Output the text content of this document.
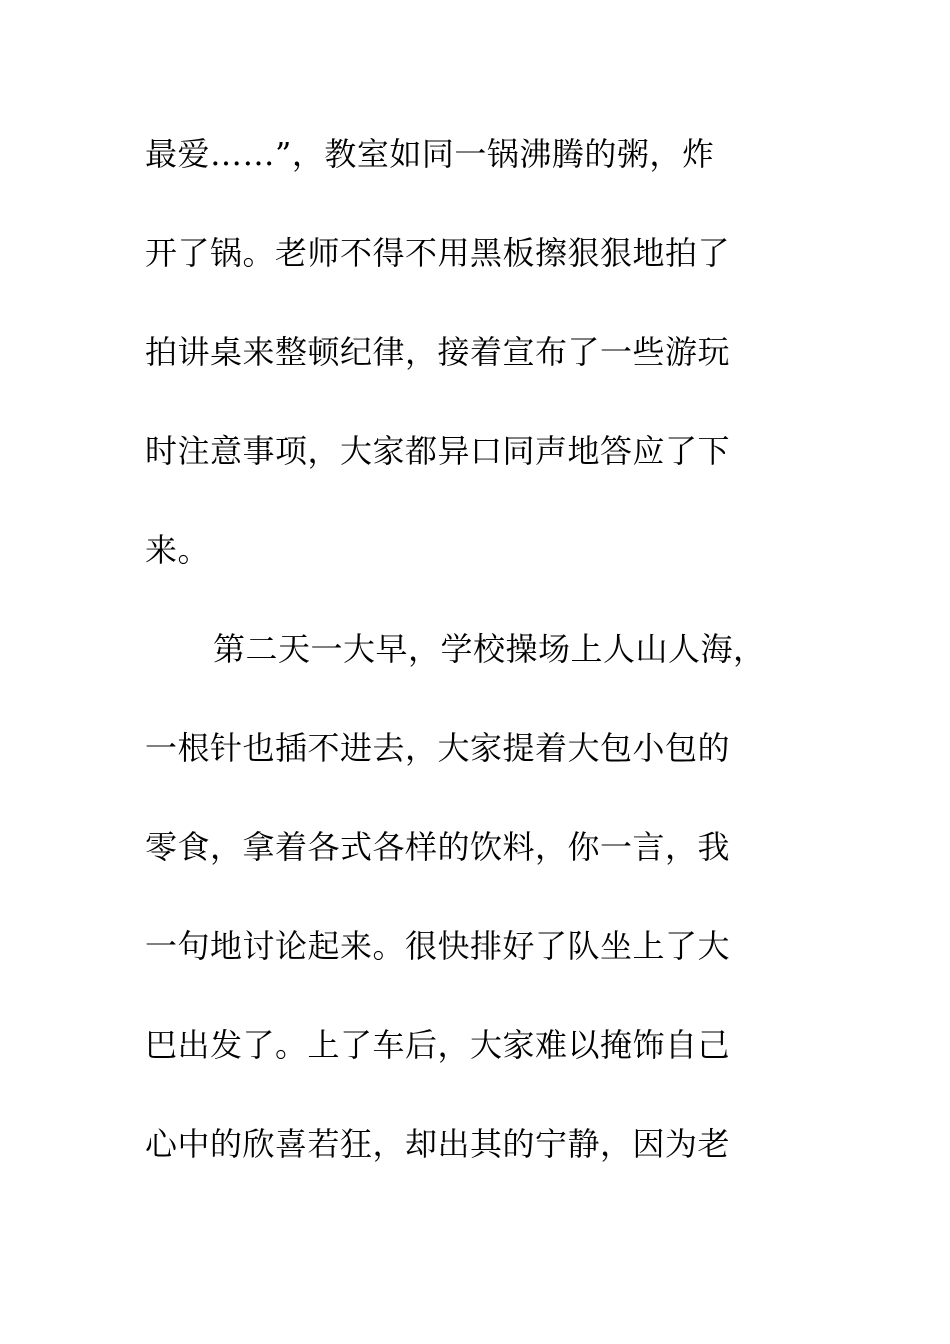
最爱……”，教室如同一锅沸腾的粥，炸
开了锅。老师不得不用黑板擦狠狠地拍了
拍讲桌来整顿纪律，接着宣布了一些游玩
时注意事项，大家都异口同声地答应了下
来。
第二天一大早，学校操场上人山人海，
一根针也插不进去，大家提着大包小包的
零食，拿着各式各样的饮料，你一言，我
一句地讨论起来。很快排好了队坐上了大
巴出发了。上了车后，大家难以掩饰自己
心中的欣喜若狂，却出其的宁静，因为老
